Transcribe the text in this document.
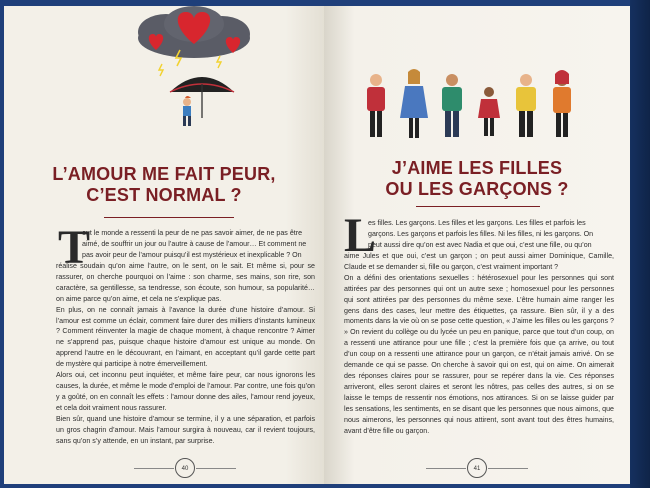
L’AMOUR ME FAIT PEUR,
C’EST NORMAL ?
T
out le monde a ressenti la peur de ne pas savoir aimer, de ne pas être
aimé, de souffrir un jour ou l’autre à cause de l’amour… Et comment ne
pas avoir peur de l’amour puisqu’il est mystérieux et inexplicable ? On

réalise soudain qu’on aime l’autre, on le sent, on le sait. Et même si, pour se rassurer, on cherche pourquoi on l’aime : son charme, ses mains, son rire, son caractère, sa gentillesse, sa tendresse, son écoute, son humour, sa popularité… on aime parce qu’on aime, et cela ne s’explique pas.

En plus, on ne connaît jamais à l’avance la durée d’une histoire d’amour. Si l’amour est comme un éclair, comment faire durer des milliers d’instants lumineux ? Comment réinventer la magie de chaque moment, à chaque rencontre ? Aimer ne s’apprend pas, puisque chaque histoire d’amour est unique au monde. On apprend l’autre en le découvrant, en l’aimant, en acceptant qu’il garde cette part de mystère qui participe à notre émerveillement.

Alors oui, cet inconnu peut inquiéter, et même faire peur, car nous ignorons les causes, la durée, et même le mode d’emploi de l’amour. Par contre, une fois qu’on y a goûté, on en connaît les effets : l’amour donne des ailes, l’amour rend joyeux, et cela doit vraiment nous rassurer.

Bien sûr, quand une histoire d’amour se termine, il y a une séparation, et parfois un gros chagrin d’amour. Mais l’amour surgira à nouveau, car il revient toujours, sans qu’on s’y attende, en un instant, par surprise.

40
J’AIME LES FILLES
OU LES GARÇONS ?
L
es filles. Les garçons. Les filles et les garçons. Les filles et parfois les
garçons. Les garçons et parfois les filles. Ni les filles, ni les garçons. On
peut aussi dire qu’on est avec Nadia et que oui, c’est une fille, ou qu’on

aime Jules et que oui, c’est un garçon ; on peut aussi aimer Dominique, Camille, Claude et se demander si, fille ou garçon, c’est vraiment important ?

On a défini des orientations sexuelles : hétérosexuel pour les personnes qui sont attirées par des personnes qui ont un autre sexe ; homosexuel pour les personnes qui sont attirées par des personnes du même sexe. L’être humain aime ranger les gens dans des cases, leur mettre des étiquettes, ça rassure. Bien sûr, il y a des moments dans la vie où on se pose cette question, « J’aime les filles ou les garçons ? » On revient du collège ou du lycée un peu en panique, parce que tout d’un coup, on a ressenti une attirance pour une fille ; c’est la première fois que ça arrive, ou tout d’un coup on a ressenti une attirance pour un garçon, ce n’était jamais arrivé. On se demande ce qui se passe. On cherche à savoir qui on est, qui on aime. On aimerait des réponses claires pour se rassurer, pour se repérer dans la vie. Ces réponses arriveront, elles seront claires et seront les nôtres, pas celles des autres, si on se laisse le temps de ressentir nos émotions, nos attirances. Si on se laisse guider par les sensations, les sentiments, en se disant que les personnes que nous aimons, que nous aimerons, les personnes qui nous attirent, sont avant tout des êtres humains, avant d’être fille ou garçon.

41
